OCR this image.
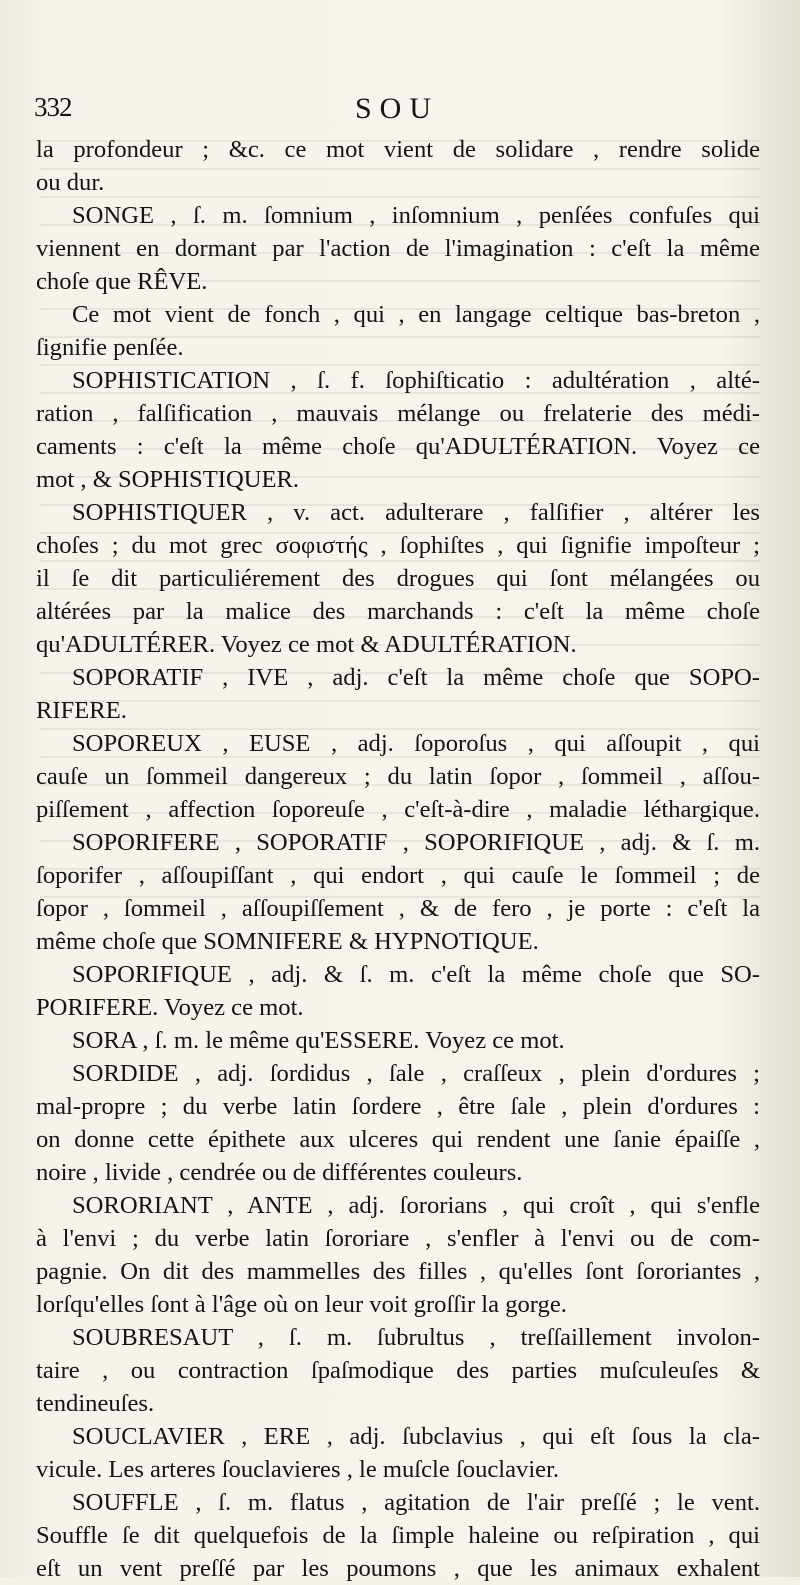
332	SOU
la profondeur ; &c. ce mot vient de solidare , rendre solide
ou dur.
SONGE , ſ. m. ſomnium , inſomnium , penſées confuſes qui
viennent en dormant par l'action de l'imagination : c'eſt la même
choſe que RÊVE.
Ce mot vient de fonch , qui , en langage celtique bas-breton ,
ſignifie penſée.
SOPHISTICATION , ſ. f. ſophiſticatio : adultération , alté-
ration , falſification , mauvais mélange ou frelaterie des médi-
caments : c'eſt la même choſe qu'ADULTÉRATION. Voyez ce
mot , & SOPHISTIQUER.
SOPHISTIQUER , v. act. adulterare , falſifier , altérer les
choſes ; du mot grec σοφιστής , ſophiſtes , qui ſignifie impoſteur ;
il ſe dit particuliérement des drogues qui ſont mélangées ou
altérées par la malice des marchands : c'eſt la même choſe
qu'ADULTÉRER. Voyez ce mot & ADULTÉRATION.
SOPORATIF , IVE , adj. c'eſt la même choſe que SOPO-
RIFERE.
SOPOREUX , EUSE , adj. ſoporoſus , qui aſſoupit , qui
cauſe un ſommeil dangereux ; du latin ſopor , ſommeil , aſſou-
piſſement , affection ſoporeuſe , c'eſt-à-dire , maladie léthargique.
SOPORIFERE , SOPORATIF , SOPORIFIQUE , adj. & ſ. m.
ſoporifer , aſſoupiſſant , qui endort , qui cauſe le ſommeil ; de
ſopor , ſommeil , aſſoupiſſement , & de fero , je porte : c'eſt la
même choſe que SOMNIFERE & HYPNOTIQUE.
SOPORIFIQUE , adj. & ſ. m. c'eſt la même choſe que SO-
PORIFERE. Voyez ce mot.
SORA , ſ. m. le même qu'ESSERE. Voyez ce mot.
SORDIDE , adj. ſordidus , ſale , craſſeux , plein d'ordures ;
mal-propre ; du verbe latin ſordere , être ſale , plein d'ordures :
on donne cette épithete aux ulceres qui rendent une ſanie épaiſſe ,
noire , livide , cendrée ou de différentes couleurs.
SORORIANT , ANTE , adj. ſororians , qui croît , qui s'enfle
à l'envi ; du verbe latin ſororiare , s'enfler à l'envi ou de com-
pagnie. On dit des mammelles des filles , qu'elles ſont ſororiantes ,
lorſqu'elles ſont à l'âge où on leur voit groſſir la gorge.
SOUBRESAUT , ſ. m. ſubrultus , treſſaillement involon-
taire , ou contraction ſpaſmodique des parties muſculeuſes &
tendineuſes.
SOUCLAVIER , ERE , adj. ſubclavius , qui eſt ſous la cla-
vicule. Les arteres ſouclavieres , le muſcle ſouclavier.
SOUFFLE , ſ. m. flatus , agitation de l'air preſſé ; le vent.
Souffle ſe dit quelquefois de la ſimple haleine ou reſpiration , qui
eſt un vent preſſé par les poumons , que les animaux exhalent
